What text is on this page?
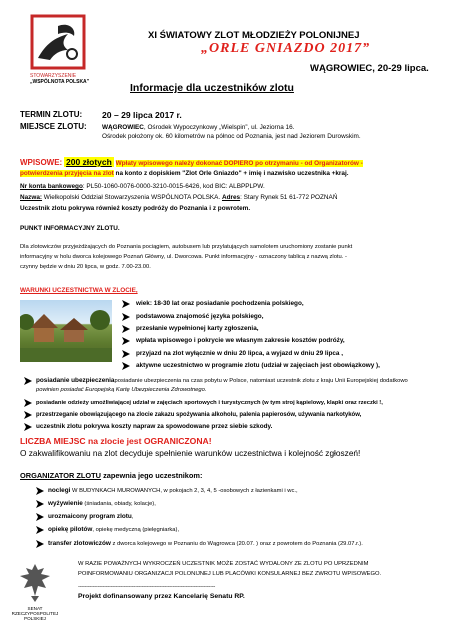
STOWARZYSZENIE
„WSPÓLNOTA POLSKA”
XI ŚWIATOWY ZLOT MŁODZIEŻY POLONIJNEJ
„ORLE GNIAZDO 2017”
WĄGROWIEC, 20-29 lipca.
Informacje dla uczestników zlotu
TERMIN ZLOTU: 20 – 29 lipca 2017 r.
MIEJSCE ZLOTU: WĄGROWIEC, Ośrodek Wypoczynkowy „Wielspin”, ul. Jeziorna 16.
Ośrodek położony ok. 60 kilometrów na północ od Poznania, jest nad Jeziorem Durowskim.
WPISOWE: 200 złotych Wpłaty wpisowego należy dokonać DOPIERO po otrzymaniu - od Organizatorów -
potwierdzenia przyjęcia na zlot na konto z dopiskiem "Zlot Orle Gniazdo" + imię i nazwisko uczestnika +kraj.
Nr konta bankowego: PL50-1060-0076-0000-3210-0015-6426, kod BIC: ALBPPLPW.
Nazwa: Wielkopolski Oddział Stowarzyszenia WSPÓLNOTA POLSKA. Adres: Stary Rynek 51 61-772 POZNAŃ
Uczestnik zlotu pokrywa również koszty podróży do Poznania i z powrotem.
PUNKT INFORMACYJNY ZLOTU.
Dla zlotowiczów przyjeżdżających do Poznania pociągiem, autobusem lub przylatujących samolotem uruchomiony zostanie punkt
informacyjny w holu dworca kolejowego Poznań Główny, ul. Dworcowa. Punkt informacyjny - oznaczony tablicą z nazwą zlotu. -
czynny będzie w dniu 20 lipca, w godz. 7.00-23.00.
WARUNKI UCZESTNICTWA W ZLOCIE,
wiek: 18-30 lat oraz posiadanie pochodzenia polskiego,
podstawowa znajomość języka polskiego,
przesłanie wypełnionej karty zgłoszenia,
wpłata wpisowego i pokrycie we własnym zakresie kosztów podróży,
przyjazd na zlot wyłącznie w dniu 20 lipca, a wyjazd w dniu 29 lipca ,
aktywne uczestnictwo w programie zlotu (udział w zajęciach jest obowiązkowy ),
posiadanie ubezpieczeniaposiadanie ubezpieczenia na czas pobytu w Polsce, natomiast uczestnik zlotu z kraju Unii Europejskiej dodatkowo
powinien posiadać Europejską Kartę Ubezpieczenia Zdrowotnego.
posiadanie odzieży umożliwiającej udział w zajęciach sportowych i turystycznych (w tym stroj kąpielowy, klapki oraz rzeczki !,
przestrzeganie obowiązującego na zlocie zakazu spożywania alkoholu, palenia papierosów, używania narkotyków,
uczestnik zlotu pokrywa koszty napraw za spowodowane przez siebie szkody.
LICZBA MIEJSC na zlocie jest OGRANICZONA!
O zakwalifikowaniu na zlot decyduje spełnienie warunków uczestnictwa i kolejność zgłoszeń!
ORGANIZATOR ZLOTU zapewnia jego uczestnikom:
noclegi W BUDYNKACH MUROWANYCH, w pokojach 2, 3, 4, 5 -osobowych z łazienkami i wc.,
wyżywienie (śniadania, obiady, kolacje),
urozmaicony program zlotu,
opiekę pilotów, opiekę medyczną (pielęgniarka),
transfer zlotowiczów z dworca kolejowego w Poznaniu do Wągrowca (20.07. ) oraz z powrotem do Poznania (29.07.r.).
SENAT
RZECZYPOSPOLITEJ
POLSKIEJ
W RAZIE POWAŻNYCH WYKROCZEŃ UCZESTNIK MOŻE ZOSTAĆ WYDALONY ZE ZLOTU PO UPRZEDNIM
POINFORMOWANIU ORGANIZACJI POLONIJNEJ LUB PLACÓWKI KONSULARNEJ BEZ ZWROTU WPISOWEGO.
------------------------------------------------------------------------------------
Projekt dofinansowany przez Kancelarię Senatu RP.
